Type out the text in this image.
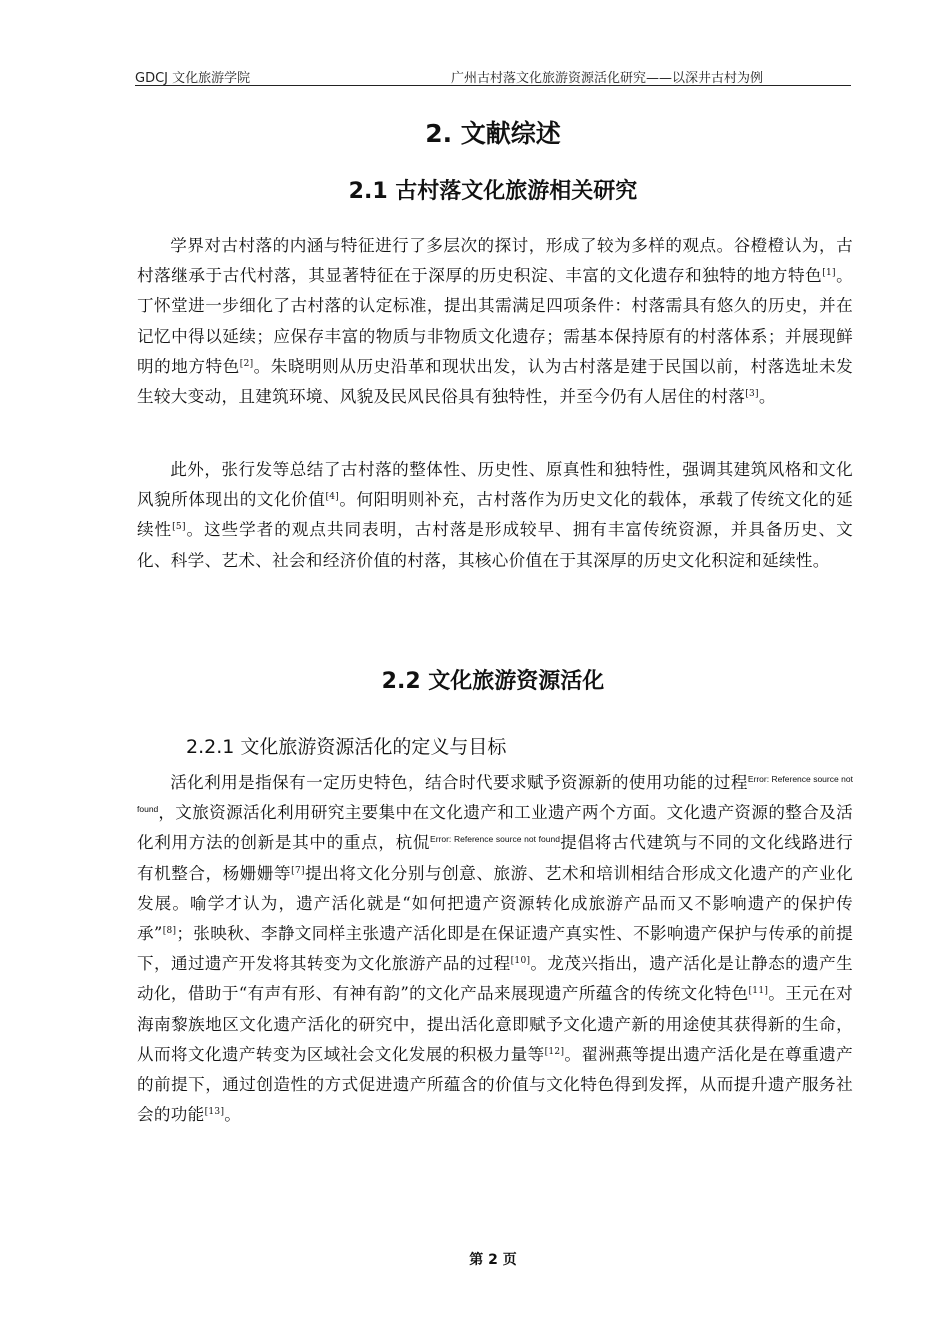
GDCJ 文化旅游学院	广州古村落文化旅游资源活化研究——以深井古村为例
2. 文献综述
2.1 古村落文化旅游相关研究

学界对古村落的内涵与特征进行了多层次的探讨，形成了较为多样的观点。谷橙橙认为，古村落继承于古代村落，其显著特征在于深厚的历史积淀、丰富的文化遗存和独特的地方特色[1]。丁怀堂进一步细化了古村落的认定标准，提出其需满足四项条件：村落需具有悠久的历史，并在记忆中得以延续；应保存丰富的物质与非物质文化遗存；需基本保持原有的村落体系；并展现鲜明的地方特色[2]。朱晓明则从历史沿革和现状出发，认为古村落是建于民国以前，村落选址未发生较大变动，且建筑环境、风貌及民风民俗具有独特性，并至今仍有人居住的村落[3]。

此外，张行发等总结了古村落的整体性、历史性、原真性和独特性，强调其建筑风格和文化风貌所体现出的文化价值[4]。何阳明则补充，古村落作为历史文化的载体，承载了传统文化的延续性[5]。这些学者的观点共同表明，古村落是形成较早、拥有丰富传统资源，并具备历史、文化、科学、艺术、社会和经济价值的村落，其核心价值在于其深厚的历史文化积淀和延续性。

2.2 文化旅游资源活化
2.2.1 文化旅游资源活化的定义与目标

活化利用是指保有一定历史特色，结合时代要求赋予资源新的使用功能的过程$^{Error: Reference source not found}$，文旅资源活化利用研究主要集中在文化遗产和工业遗产两个方面。文化遗产资源的整合及活化利用方法的创新是其中的重点，杭侃$^{Error: Reference source not found}$提倡将古代建筑与不同的文化线路进行有机整合，杨姗姗等[7]提出将文化分别与创意、旅游、艺术和培训相结合形成文化遗产的产业化发展。喻学才认为，遗产活化就是“如何把遗产资源转化成旅游产品而又不影响遗产的保护传承”[8]；张映秋、李静文同样主张遗产活化即是在保证遗产真实性、不影响遗产保护与传承的前提下，通过遗产开发将其转变为文化旅游产品的过程[10]。龙茂兴指出，遗产活化是让静态的遗产生动化，借助于“有声有形、有神有韵”的文化产品来展现遗产所蕴含的传统文化特色[11]。王元在对海南黎族地区文化遗产活化的研究中，提出活化意即赋予文化遗产新的用途使其获得新的生命，从而将文化遗产转变为区域社会文化发展的积极力量等[12]。翟洲燕等提出遗产活化是在尊重遗产的前提下，通过创造性的方式促进遗产所蕴含的价值与文化特色得到发挥，从而提升遗产服务社会的功能[13]。

第 2 页
